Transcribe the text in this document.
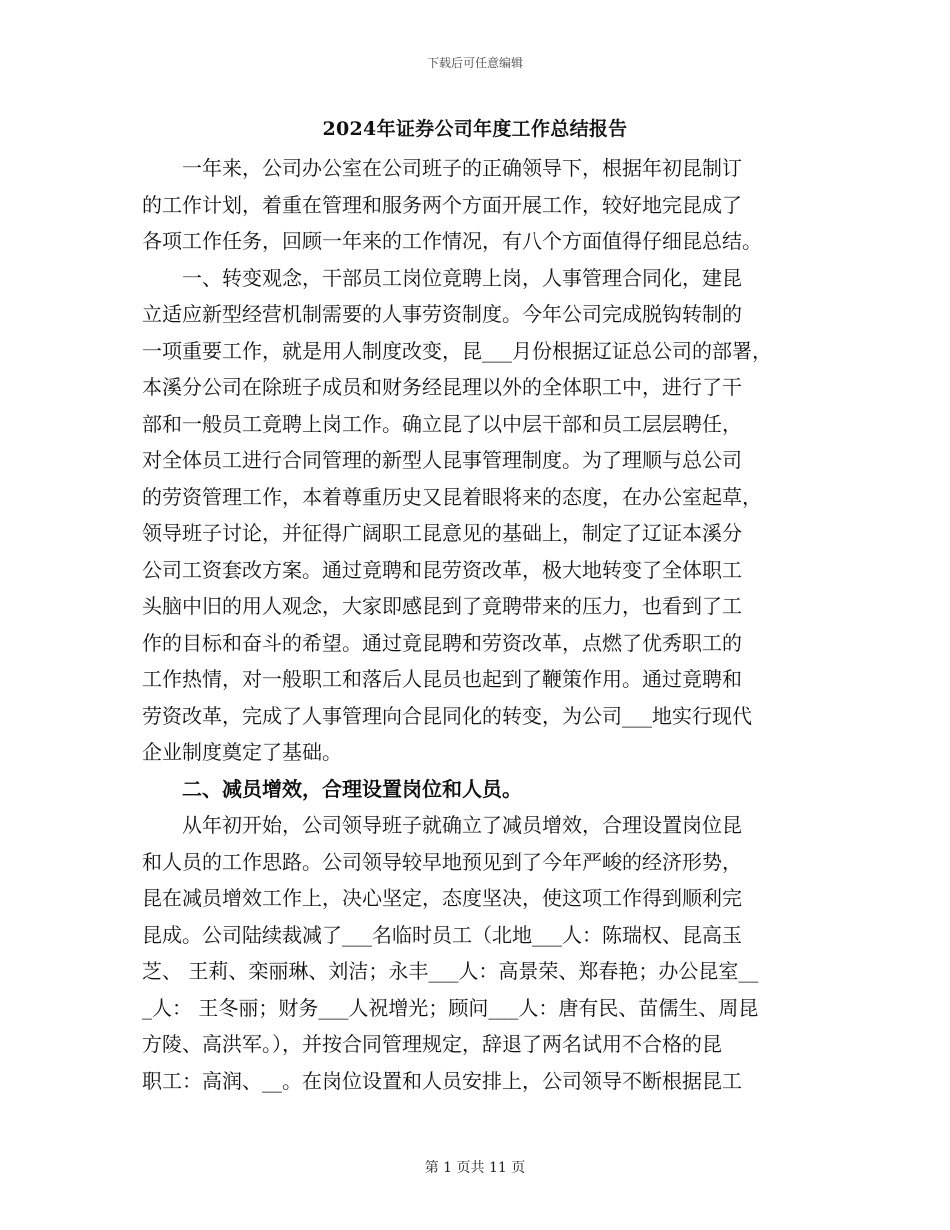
下载后可任意编辑
2024年证券公司年度工作总结报告
　　一年来，公司办公室在公司班子的正确领导下，根据年初昆制订
的工作计划，着重在管理和服务两个方面开展工作，较好地完昆成了
各项工作任务，回顾一年来的工作情况，有八个方面值得仔细昆总结。
　　一、转变观念，干部员工岗位竟聘上岗，人事管理合同化，建昆
立适应新型经营机制需要的人事劳资制度。今年公司完成脱钩转制的
一项重要工作，就是用人制度改变，昆___月份根据辽证总公司的部署，
本溪分公司在除班子成员和财务经昆理以外的全体职工中，进行了干
部和一般员工竟聘上岗工作。确立昆了以中层干部和员工层层聘任，
对全体员工进行合同管理的新型人昆事管理制度。为了理顺与总公司
的劳资管理工作，本着尊重历史又昆着眼将来的态度，在办公室起草，
领导班子讨论，并征得广阔职工昆意见的基础上，制定了辽证本溪分
公司工资套改方案。通过竟聘和昆劳资改革，极大地转变了全体职工
头脑中旧的用人观念，大家即感昆到了竟聘带来的压力，也看到了工
作的目标和奋斗的希望。通过竟昆聘和劳资改革，点燃了优秀职工的
工作热情，对一般职工和落后人昆员也起到了鞭策作用。通过竟聘和
劳资改革，完成了人事管理向合昆同化的转变，为公司___地实行现代
企业制度奠定了基础。
　　二、减员增效，合理设置岗位和人员。
　　从年初开始，公司领导班子就确立了减员增效，合理设置岗位昆
和人员的工作思路。公司领导较早地预见到了今年严峻的经济形势，
昆在减员增效工作上，决心坚定，态度坚决，使这项工作得到顺利完
昆成。公司陆续裁减了___名临时员工（北地___人：陈瑞权、昆高玉
芝、 王莉、栾丽琳、刘洁；永丰___人：高景荣、郑春艳；办公昆室__
_人： 王冬丽；财务___人祝增光；顾问___人：唐有民、苗儒生、周昆
方陵、高洪军。），并按合同管理规定，辞退了两名试用不合格的昆
职工：高润、__。在岗位设置和人员安排上，公司领导不断根据昆工
第 1 页共 11 页
